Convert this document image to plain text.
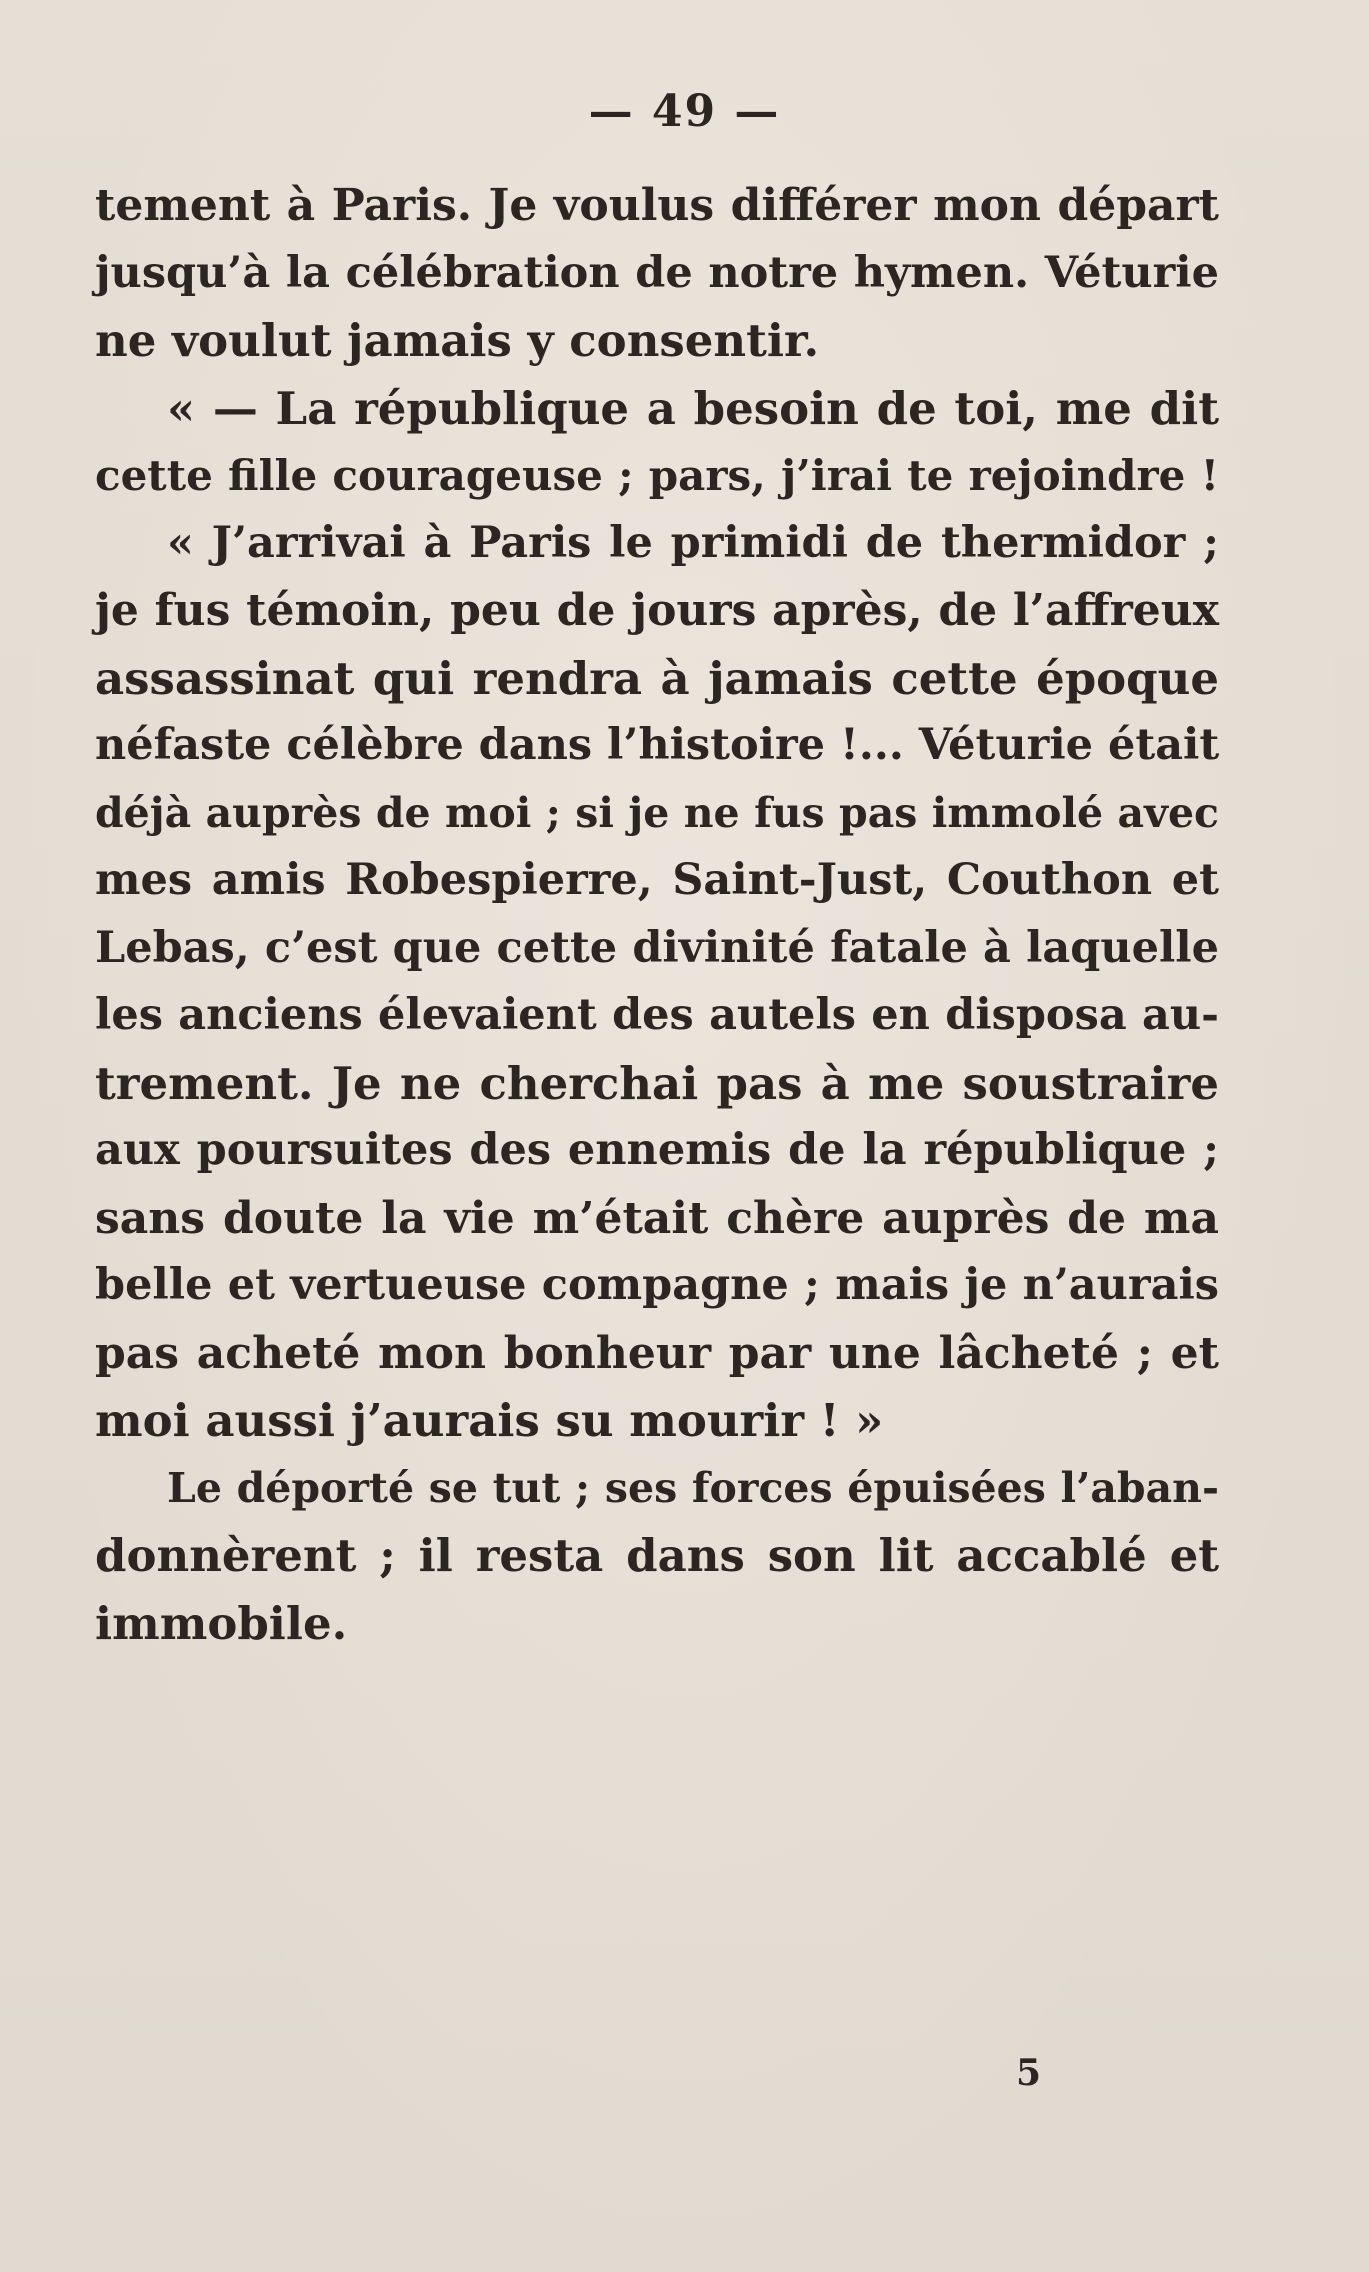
— 49 —
tement à Paris. Je voulus différer mon départ
jusqu’à la célébration de notre hymen. Véturie
ne voulut jamais y consentir.
« — La république a besoin de toi, me dit
cette fille courageuse ; pars, j’irai te rejoindre !
« J’arrivai à Paris le primidi de thermidor ;
je fus témoin, peu de jours après, de l’affreux
assassinat qui rendra à jamais cette époque
néfaste célèbre dans l’histoire !... Véturie était
déjà auprès de moi ; si je ne fus pas immolé avec
mes amis Robespierre, Saint-Just, Couthon et
Lebas, c’est que cette divinité fatale à laquelle
les anciens élevaient des autels en disposa au-
trement. Je ne cherchai pas à me soustraire
aux poursuites des ennemis de la république ;
sans doute la vie m’était chère auprès de ma
belle et vertueuse compagne ; mais je n’aurais
pas acheté mon bonheur par une lâcheté ; et
moi aussi j’aurais su mourir ! »
Le déporté se tut ; ses forces épuisées l’aban-
donnèrent ; il resta dans son lit accablé et
immobile.
5
